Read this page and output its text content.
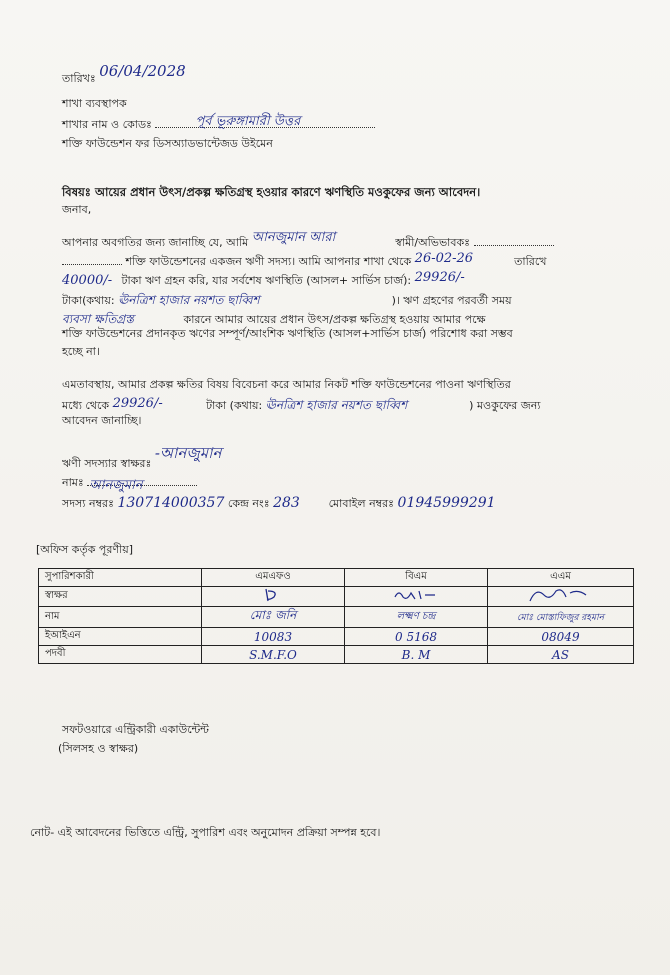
তারিখঃ 06/04/2028
শাখা ব্যবস্থাপক
শাখার নাম ও কোডঃ	পূর্ব ভূরুঙ্গামারী উত্তর
শক্তি ফাউন্ডেশন ফর ডিসঅ্যাডভান্টেজড উইমেন
বিষয়ঃ আয়ের প্রধান উৎস/প্রকল্প ক্ষতিগ্রস্থ হওয়ার কারণে ঋণস্থিতি মওকুফের জন্য আবেদন।
জনাব,
আপনার অবগতির জন্য জানাচ্ছি যে, আমি আনজুমান আরা	স্বামী/অভিভাবকঃ
শক্তি ফাউন্ডেশনের একজন ঋণী সদস্য। আমি আপনার শাখা থেকে 26-02-26	তারিখে
40000/- টাকা ঋণ গ্রহন করি, যার সর্বশেষ ঋণস্থিতি (আসল+ সার্ভিস চার্জ): 29926/-
টাকা(কথায়: ঊনত্রিশ হাজার নয়শত ছাব্বিশ	)। ঋণ গ্রহণের পরবর্তী সময়
ব্যবসা ক্ষতিগ্রস্ত	কারনে আমার আয়ের প্রধান উৎস/প্রকল্প ক্ষতিগ্রস্থ হওয়ায় আমার পক্ষে
শক্তি ফাউন্ডেশনের প্রদানকৃত ঋণের সম্পূর্ণ/আংশিক ঋণস্থিতি (আসল+সার্ভিস চার্জ) পরিশোধ করা সম্ভব
হচ্ছে না।
এমতাবস্থায়, আমার প্রকল্প ক্ষতির বিষয় বিবেচনা করে আমার নিকট শক্তি ফাউন্ডেশনের পাওনা ঋণস্থিতির
মধ্যে থেকে 29926/-	টাকা (কথায়: ঊনত্রিশ হাজার নয়শত ছাব্বিশ	) মওকুফের জন্য
আবেদন জানাচ্ছি।
ঋণী সদস্যার স্বাক্ষরঃ -আনজুমান
নামঃ আনজুমান
সদস্য নম্বরঃ 130714000357 কেন্দ্র নংঃ 283	মোবাইল নম্বরঃ 01945999291
[অফিস কর্তৃক পূরণীয়]
সুপারিশকারী	এমএফও	বিএম	এএম
স্বাক্ষর			
নাম	মোঃ জনি	লক্ষ্মণ চন্দ্র	মোঃ মোস্তাফিজুর রহমান
ইআইএন	10083	0 5168	08049
পদবী	S.M.F.O	B. M	AS
সফটওয়ারে এন্ট্রিকারী একাউন্টেন্ট
(সিলসহ ও স্বাক্ষর)
নোট- এই আবেদনের ভিত্তিতে এন্ট্রি, সুপারিশ এবং অনুমোদন প্রক্রিয়া সম্পন্ন হবে।
